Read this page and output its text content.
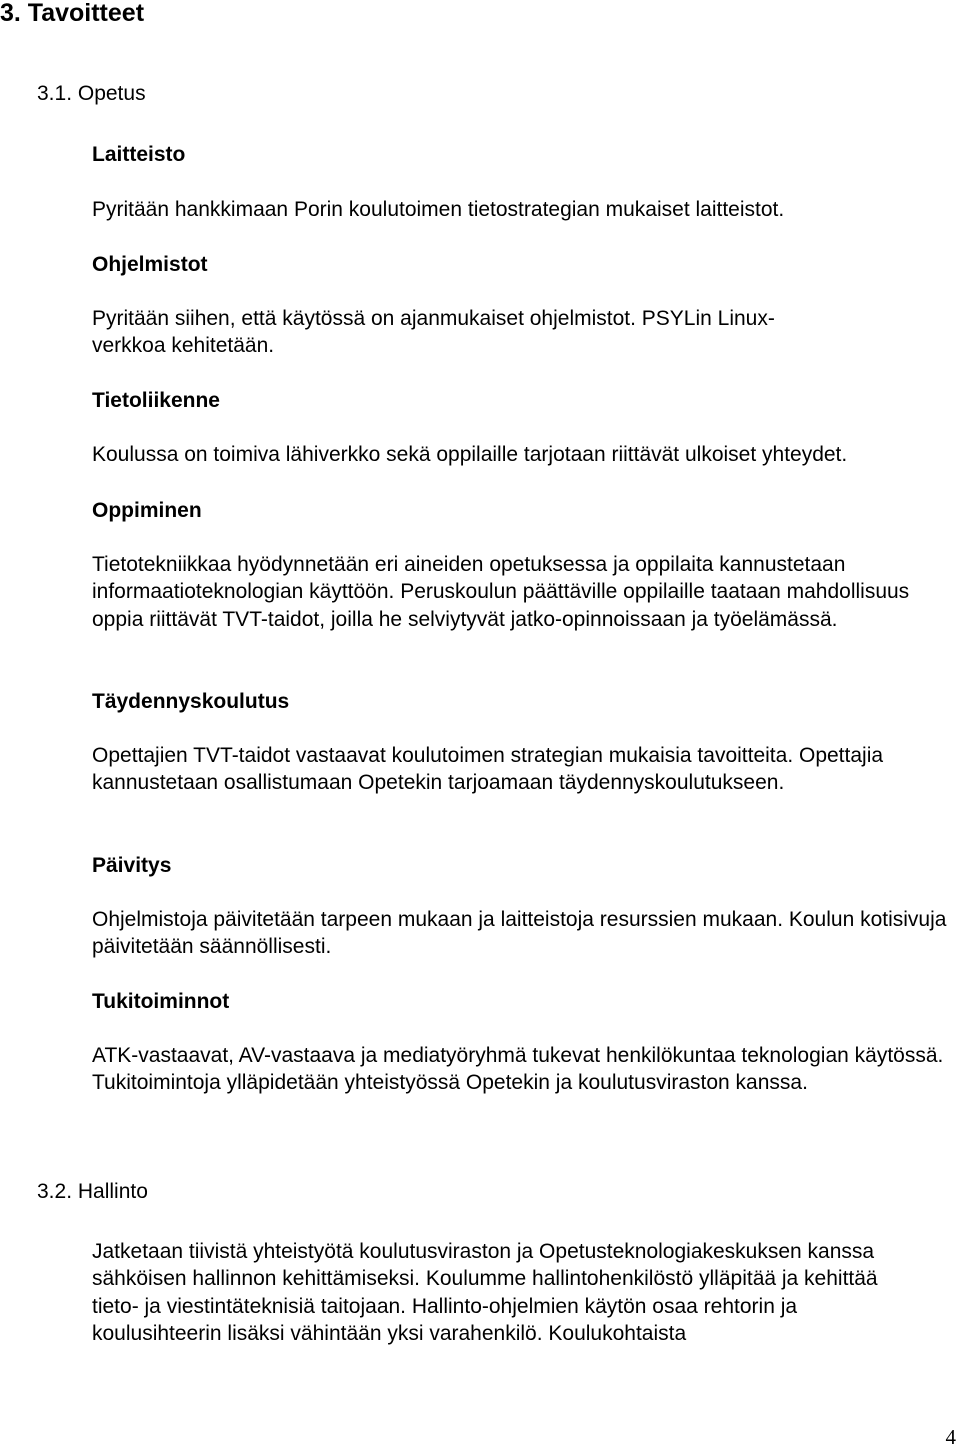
3. Tavoitteet
3.1. Opetus
Laitteisto
Pyritään hankkimaan Porin koulutoimen tietostrategian mukaiset laitteistot.
Ohjelmistot
Pyritään siihen, että käytössä on ajanmukaiset ohjelmistot. PSYLin Linux-verkkoa kehitetään.
Tietoliikenne
Koulussa on toimiva lähiverkko sekä oppilaille tarjotaan riittävät ulkoiset yhteydet.
Oppiminen
Tietotekniikkaa hyödynnetään eri aineiden opetuksessa ja oppilaita kannustetaan informaatioteknologian käyttöön. Peruskoulun päättäville oppilaille taataan mahdollisuus oppia riittävät TVT-taidot, joilla he selviytyvät jatko-opinnoissaan ja työelämässä.
Täydennyskoulutus
Opettajien TVT-taidot vastaavat koulutoimen strategian mukaisia tavoitteita. Opettajia kannustetaan osallistumaan Opetekin tarjoamaan täydennyskoulutukseen.
Päivitys
Ohjelmistoja päivitetään tarpeen mukaan ja laitteistoja resurssien mukaan. Koulun kotisivuja päivitetään säännöllisesti.
Tukitoiminnot
ATK-vastaavat, AV-vastaava ja mediatyöryhmä tukevat henkilökuntaa teknologian käytössä. Tukitoimintoja ylläpidetään yhteistyössä Opetekin ja koulutusviraston kanssa.
3.2. Hallinto
Jatketaan tiivistä yhteistyötä koulutusviraston ja Opetusteknologiakeskuksen kanssa sähköisen hallinnon kehittämiseksi. Koulumme hallintohenkilöstö ylläpitää ja kehittää tieto- ja viestintäteknisiä taitojaan. Hallinto-ohjelmien käytön osaa rehtorin ja koulusihteerin lisäksi vähintään yksi varahenkilö. Koulukohtaista
4
